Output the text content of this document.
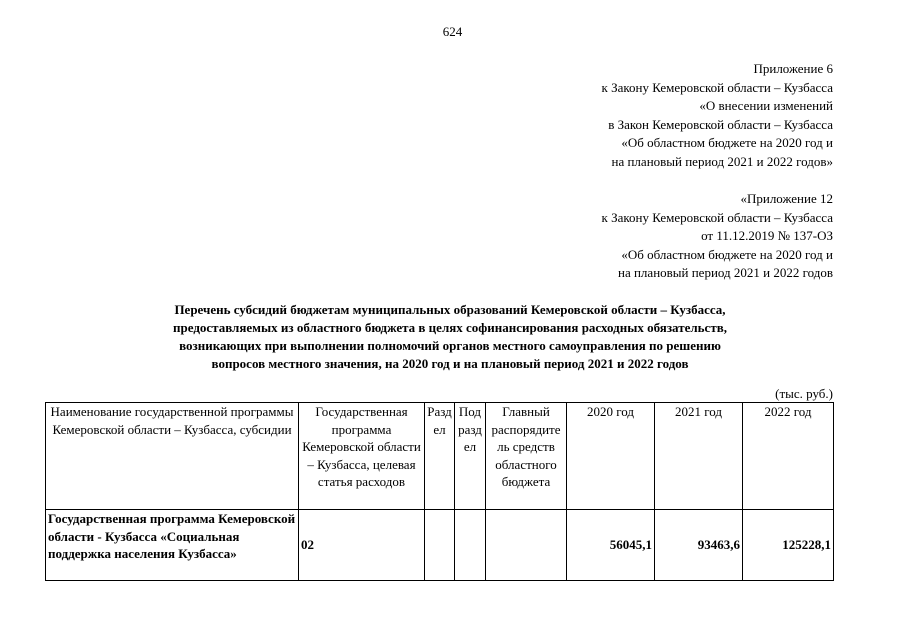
624
Приложение 6
к Закону Кемеровской области – Кузбасса
«О внесении изменений
в Закон Кемеровской области – Кузбасса
«Об областном бюджете на 2020 год и
на плановый период 2021 и 2022 годов»
«Приложение 12
к Закону Кемеровской области – Кузбасса
от 11.12.2019 № 137-ОЗ
«Об областном бюджете на 2020 год и
на плановый период 2021 и 2022 годов
Перечень субсидий бюджетам муниципальных образований Кемеровской области – Кузбасса,
предоставляемых из областного бюджета в целях софинансирования расходных обязательств,
возникающих при выполнении полномочий органов местного самоуправления по решению
вопросов местного значения, на 2020 год и на плановый период 2021 и 2022 годов
(тыс. руб.)
Наименование государственной программы Кемеровской области – Кузбасса, субсидии	Государственная программа Кемеровской области – Кузбасса, целевая статья расходов	Разд ел	Под разд ел	Главный распорядите ль средств областного бюджета	2020 год	2021 год	2022 год
Государственная программа Кемеровской области - Кузбасса «Социальная поддержка населения Кузбасса»	02				56045,1	93463,6	125228,1
